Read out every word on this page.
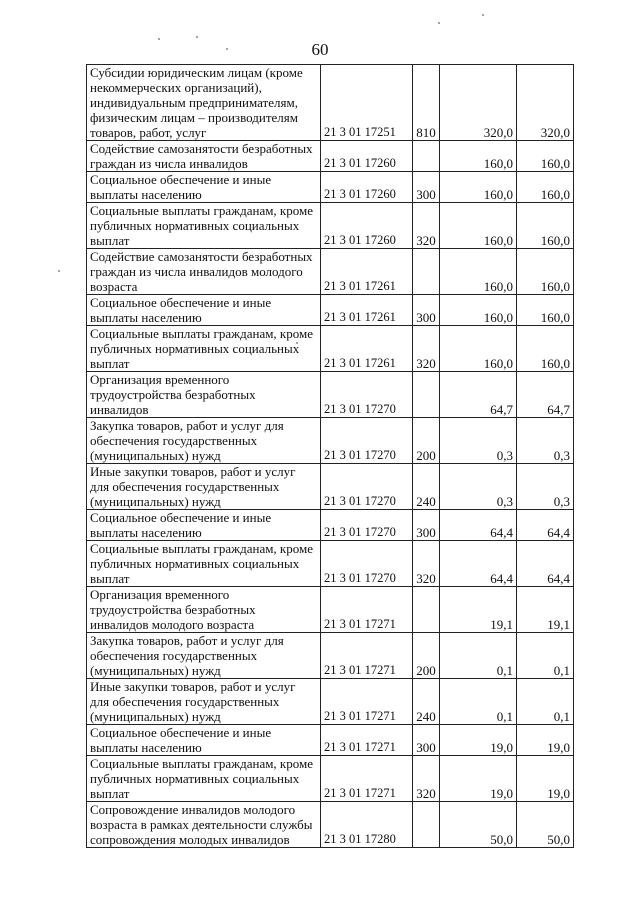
60
Субсидии юридическим лицам (кроме некоммерческих организаций), индивидуальным предпринимателям, физическим лицам – производителям товаров, работ, услуг	21 3 01 17251	810	320,0	320,0
Содействие самозанятости безработных граждан из числа инвалидов	21 3 01 17260		160,0	160,0
Социальное обеспечение и иные выплаты населению	21 3 01 17260	300	160,0	160,0
Социальные выплаты гражданам, кроме публичных нормативных социальных выплат	21 3 01 17260	320	160,0	160,0
Содействие самозанятости безработных граждан из числа инвалидов молодого возраста	21 3 01 17261		160,0	160,0
Социальное обеспечение и иные выплаты населению	21 3 01 17261	300	160,0	160,0
Социальные выплаты гражданам, кроме публичных нормативных социальных выплат	21 3 01 17261	320	160,0	160,0
Организация временного трудоустройства безработных инвалидов	21 3 01 17270		64,7	64,7
Закупка товаров, работ и услуг для обеспечения государственных (муниципальных) нужд	21 3 01 17270	200	0,3	0,3
Иные закупки товаров, работ и услуг для обеспечения государственных (муниципальных) нужд	21 3 01 17270	240	0,3	0,3
Социальное обеспечение и иные выплаты населению	21 3 01 17270	300	64,4	64,4
Социальные выплаты гражданам, кроме публичных нормативных социальных выплат	21 3 01 17270	320	64,4	64,4
Организация временного трудоустройства безработных инвалидов молодого возраста	21 3 01 17271		19,1	19,1
Закупка товаров, работ и услуг для обеспечения государственных (муниципальных) нужд	21 3 01 17271	200	0,1	0,1
Иные закупки товаров, работ и услуг для обеспечения государственных (муниципальных) нужд	21 3 01 17271	240	0,1	0,1
Социальное обеспечение и иные выплаты населению	21 3 01 17271	300	19,0	19,0
Социальные выплаты гражданам, кроме публичных нормативных социальных выплат	21 3 01 17271	320	19,0	19,0
Сопровождение инвалидов молодого возраста в рамках деятельности службы сопровождения молодых инвалидов	21 3 01 17280		50,0	50,0
